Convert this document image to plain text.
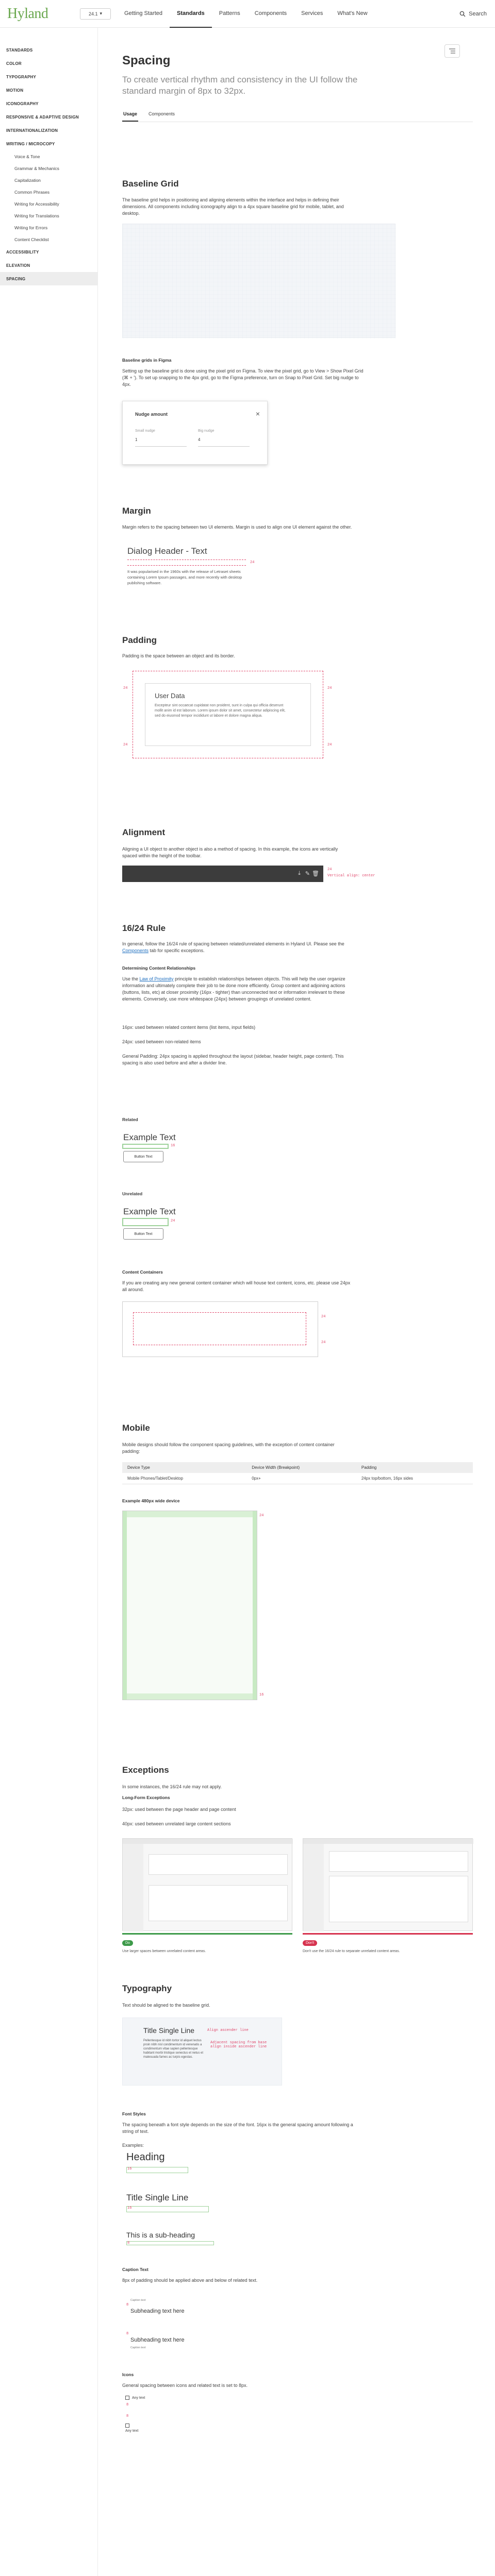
Hyland	24.1 ▾	Getting Started	Standards	Patterns	Components	Services	What's New	Search
STANDARDS
COLOR
TYPOGRAPHY
MOTION
ICONOGRAPHY
RESPONSIVE & ADAPTIVE DESIGN
INTERNATIONALIZATION
WRITING / MICROCOPY
Voice & Tone
Grammar & Mechanics
Capitalization
Common Phrases
Writing for Accessibility
Writing for Translations
Writing for Errors
Content Checklist
ACCESSIBILITY
ELEVATION
SPACING
Spacing

To create vertical rhythm and consistency in the UI follow the standard margin of 8px to 32px.

Usage Components
Baseline Grid

The baseline grid helps in positioning and aligning elements within the interface and helps in defining their dimensions. All components including iconography align to a 4px square baseline grid for mobile, tablet, and desktop.

Baseline grids in Figma

Setting up the baseline grid is done using the pixel grid on Figma. To view the pixel grid, go to View > Show Pixel Grid (⌘ + '). To set up snapping to the 4px grid, go to the Figma preference, turn on Snap to Pixel Grid. Set big nudge to 4px.

Nudge amount	×
Small nudge
1
Big nudge
4
Margin

Margin refers to the spacing between two UI elements. Margin is used to align one UI element against the other.

Dialog Header - Text
24

It was popularised in the 1960s with the release of Letraset sheets containing Lorem Ipsum passages, and more recently with desktop publishing software.

Padding

Padding is the space between an object and its border.

User Data

Excepteur sint occaecat cupidatat non proident, sunt in culpa qui officia deserunt mollit anim id est laborum. Lorem ipsum dolor sit amet, consectetur adipiscing elit, sed do eiusmod tempor incididunt ut labore et dolore magna aliqua.

24	24
24	24
Alignment

Aligning a UI object to another object is also a method of spacing. In this example, the icons are vertically spaced within the height of the toolbar.

⤓ ✎ 🗑
24
Vertical align: center
16/24 Rule

In general, follow the 16/24 rule of spacing between related/unrelated elements in Hyland UI. Please see the Components tab for specific exceptions.

Determining Content Relationships

Use the Law of Proximity principle to establish relationships between objects. This will help the user organize information and ultimately complete their job to be done more efficiently. Group content and adjoining actions (buttons, lists, etc) at closer proximity (16px - tighter) than unconnected text or information irrelevant to these elements. Conversely, use more whitespace (24px) between groupings of unrelated content.

16px: used between related content items (list items, input fields)

24px: used between non-related items

General Padding: 24px spacing is applied throughout the layout (sidebar, header height, page content). This spacing is also used before and after a divider line.

Related
Example Text
16
Button Text
Unrelated
Example Text
24
Button Text
Content Containers

If you are creating any new general content container which will house text content, icons, etc. please use 24px all around.

24
24
Mobile

Mobile designs should follow the component spacing guidelines, with the exception of content container padding:

Device Type	Device Width (Breakpoint)	Padding
Mobile Phones/Tablet/Desktop	0px+	24px top/bottom, 16px sides
Example 480px wide device
24
16
Exceptions

In some instances, the 16/24 rule may not apply.

Long-Form Exceptions

32px: used between the page header and page content

40px: used between unrelated large content sections

Do

Use larger spaces between unrelated content areas.

Don't

Don't use the 16/24 rule to separate unrelated content areas.

Typography

Text should be aligned to the baseline grid.

Title Single Line

Pellentesque id nibh tortor id aliquet lectus proin nibh nisl condimentum id venenatis a condimentum vitae sapien pellentesque habitant morbi tristique senectus et netus et malesuada fames ac turpis egestas.

Align ascender line
Adjacent spacing from base align inside ascender line
Font Styles

The spacing beneath a font style depends on the size of the font. 16px is the general spacing amount following a string of text.

Examples:

Heading
16
Title Single Line
16
This is a sub-heading
8
Caption Text

8px of padding should be applied above and below of related text.

Caption text
8
Subheading text here
8
Subheading text here
Caption text
Icons

General spacing between icons and related text is set to 8px.

Any text
8
8
Any text
